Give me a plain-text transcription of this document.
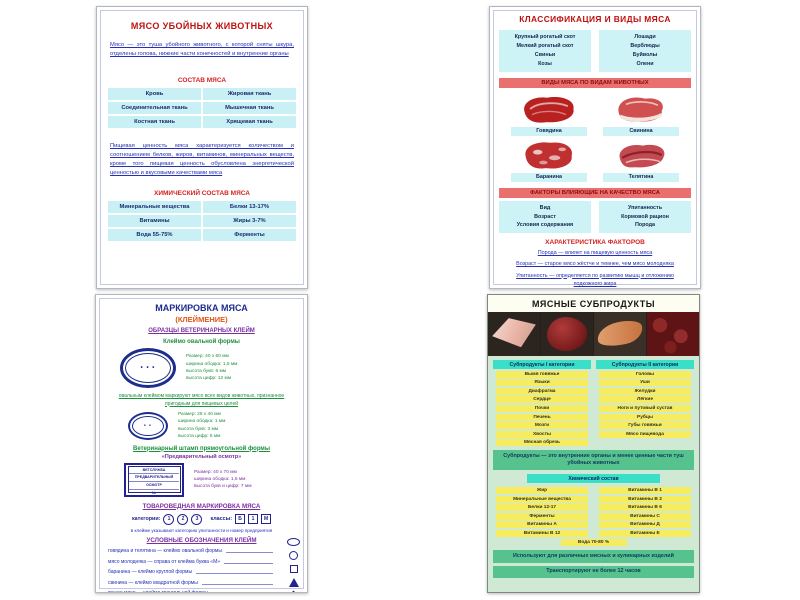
МЯСО УБОЙНЫХ ЖИВОТНЫХ
Мясо — это туша убойного животного, с которой сняты шкура, отделены голова, нижние части конечностей и внутренние органы
СОСТАВ МЯСА
Кровь	Жировая ткань
Соединительная ткань	Мышечная ткань
Костная ткань	Хрящевая ткань
Пищевая ценность мяса характеризуется количеством и соотношением белков, жиров, витаминов, минеральных веществ, кроме того пищевая ценность обусловлена энергетической ценностью и вкусовыми качествами мяса
ХИМИЧЕСКИЙ СОСТАВ МЯСА
Минеральные вещества	Белки 13-17%
Витамины	Жиры 3-7%
Вода 55-75%	Ферменты
КЛАССИФИКАЦИЯ И ВИДЫ МЯСА
Крупный рогатый скот
Мелкий рогатый скот
Свиньи
Козы
Лошади
Верблюды
Буйволы
Олени
ВИДЫ МЯСА ПО ВИДАМ ЖИВОТНЫХ
Говядина	Свинина
Баранина	Телятина
ФАКТОРЫ ВЛИЯЮЩИЕ НА КАЧЕСТВО МЯСА
Вид
Возраст
Условия содержания
Упитанность
Кормовой рацион
Порода
ХАРАКТЕРИСТИКА ФАКТОРОВ
Порода — влияет на пищевую ценность мяса
Возраст — старое мясо жёстче и темнее, чем мясо молодняка
Упитанность — определяется по развитию мышц и отложению подкожного жира
МАРКИРОВКА МЯСА
(КЛЕЙМЕНИЕ)
ОБРАЗЦЫ ВЕТЕРИНАРНЫХ КЛЕЙМ
Клеймо овальной формы
• • •
Размер: 40 х 60 мм
ширина ободка: 1,5 мм
высота букв: 6 мм
высота цифр: 12 мм
овальным клеймом маркируют мясо всех видов животных, признанное пригодным для пищевых целей
• •
Размер: 25 х 40 мм
ширина ободка: 1 мм
высота букв: 3 мм
высота цифр: 6 мм
Ветеринарный штамп прямоугольной формы
«Предварительный осмотр»
ВЕТСЛУЖБА
ПРЕДВАРИТЕЛЬНЫЙ
ОСМОТР
№
Размер: 40 х 70 мм
ширина ободка: 1,5 мм
высота букв и цифр: 7 мм
ТОВАРОВЕДНАЯ МАРКИРОВКА МЯСА
категории:	1	2	3	классы:	Б	1	М
в клейме указывают категорию упитанности и номер предприятия
УСЛОВНЫЕ ОБОЗНАЧЕНИЯ КЛЕЙМ
говядина и телятина — клеймо овальной формы
мясо молодняка — справа от клейма буква «М»
баранина — клеймо круглой формы
свинина — клеймо квадратной формы
МЯСНЫЕ СУБПРОДУКТЫ
Субпродукты I категории
Вымя говяжье
Языки
Диафрагма
Сердце
Почки
Печень
Мозги
Хвосты
Мясная обрезь
Субпродукты II категории
Головы
Уши
Желудки
Лёгкие
Ноги и путовый сустав
Рубцы
Губы говяжьи
Мясо пищевода
Субпродукты — это внутренние органы и менее ценные части туш убойных животных
Химический состав
Жир
Минеральные вещества
Белки 12-17
Ферменты
Витамины А
Витамины В 12
Витамины В 1
Витамины В 2
Витамины В 6
Витамины С
Витамины Д
Витамины Е
Вода 70-80 %
Используют для различных мясных и кулинарных изделий
Транспортируют не более 12 часов
